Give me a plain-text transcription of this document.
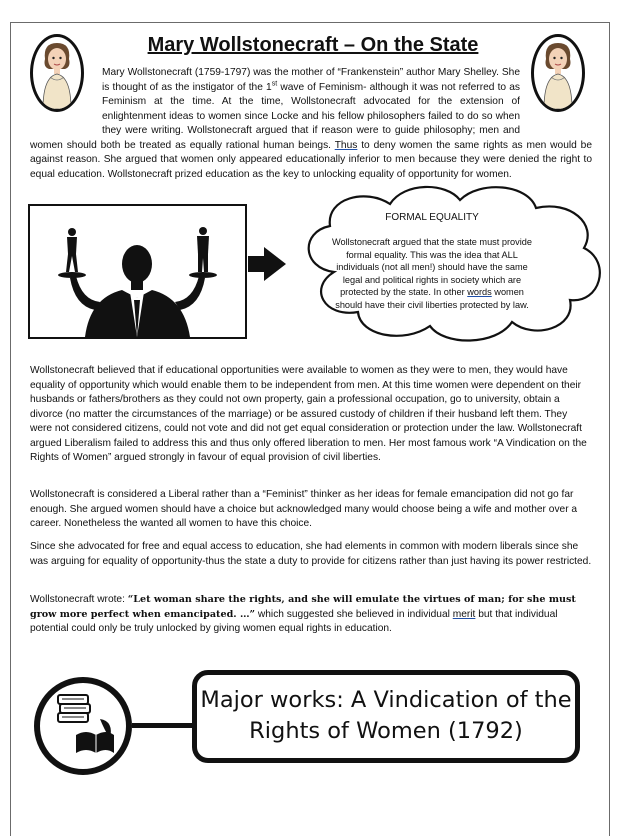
Mary Wollstonecraft – On the State
Mary Wollstonecraft (1759-1797) was the mother of “Frankenstein” author Mary Shelley. She is thought of as the instigator of the 1st wave of Feminism- although it was not referred to as Feminism at the time. At the time, Wollstonecraft advocated for the extension of enlightenment ideas to women since Locke and his fellow philosophers failed to do so when they were writing. Wollstonecraft argued that if reason were to guide philosophy; men and women should both be treated as equally rational human beings. Thus to deny women the same rights as men would be against reason. She argued that women only appeared educationally inferior to men because they were denied the right to equal education. Wollstonecraft prized education as the key to unlocking equality of opportunity for women.
FORMAL EQUALITY
Wollstonecraft argued that the state must provide formal equality. This was the idea that ALL individuals (not all men!) should have the same legal and political rights in society which are protected by the state. In other words women should have their civil liberties protected by law.
Wollstonecraft believed that if educational opportunities were available to women as they were to men, they would have equality of opportunity which would enable them to be independent from men. At this time women were dependent on their husbands or fathers/brothers as they could not own property, gain a professional occupation, go to university, obtain a divorce (no matter the circumstances of the marriage) or be assured custody of children if their husband left them. They were not considered citizens, could not vote and did not get equal consideration or protection under the law. Wollstonecraft argued Liberalism failed to address this and thus only offered liberation to men. Her most famous work “A Vindication on the Rights of Women” argued strongly in favour of equal provision of civil liberties.
Wollstonecraft is considered a Liberal rather than a “Feminist” thinker as her ideas for female emancipation did not go far enough. She argued women should have a choice but acknowledged many would choose being a wife and mother over a career. Nonetheless the wanted all women to have this choice.
Since she advocated for free and equal access to education, she had elements in common with modern liberals since she was arguing for equality of opportunity-thus the state a duty to provide for citizens rather than just having its power restricted.
Wollstonecraft wrote: “Let woman share the rights, and she will emulate the virtues of man; for she must grow more perfect when emancipated. …” which suggested she believed in individual merit but that individual potential could only be truly unlocked by giving women equal rights in education.
Major works: A Vindication of the
Rights of Women (1792)
